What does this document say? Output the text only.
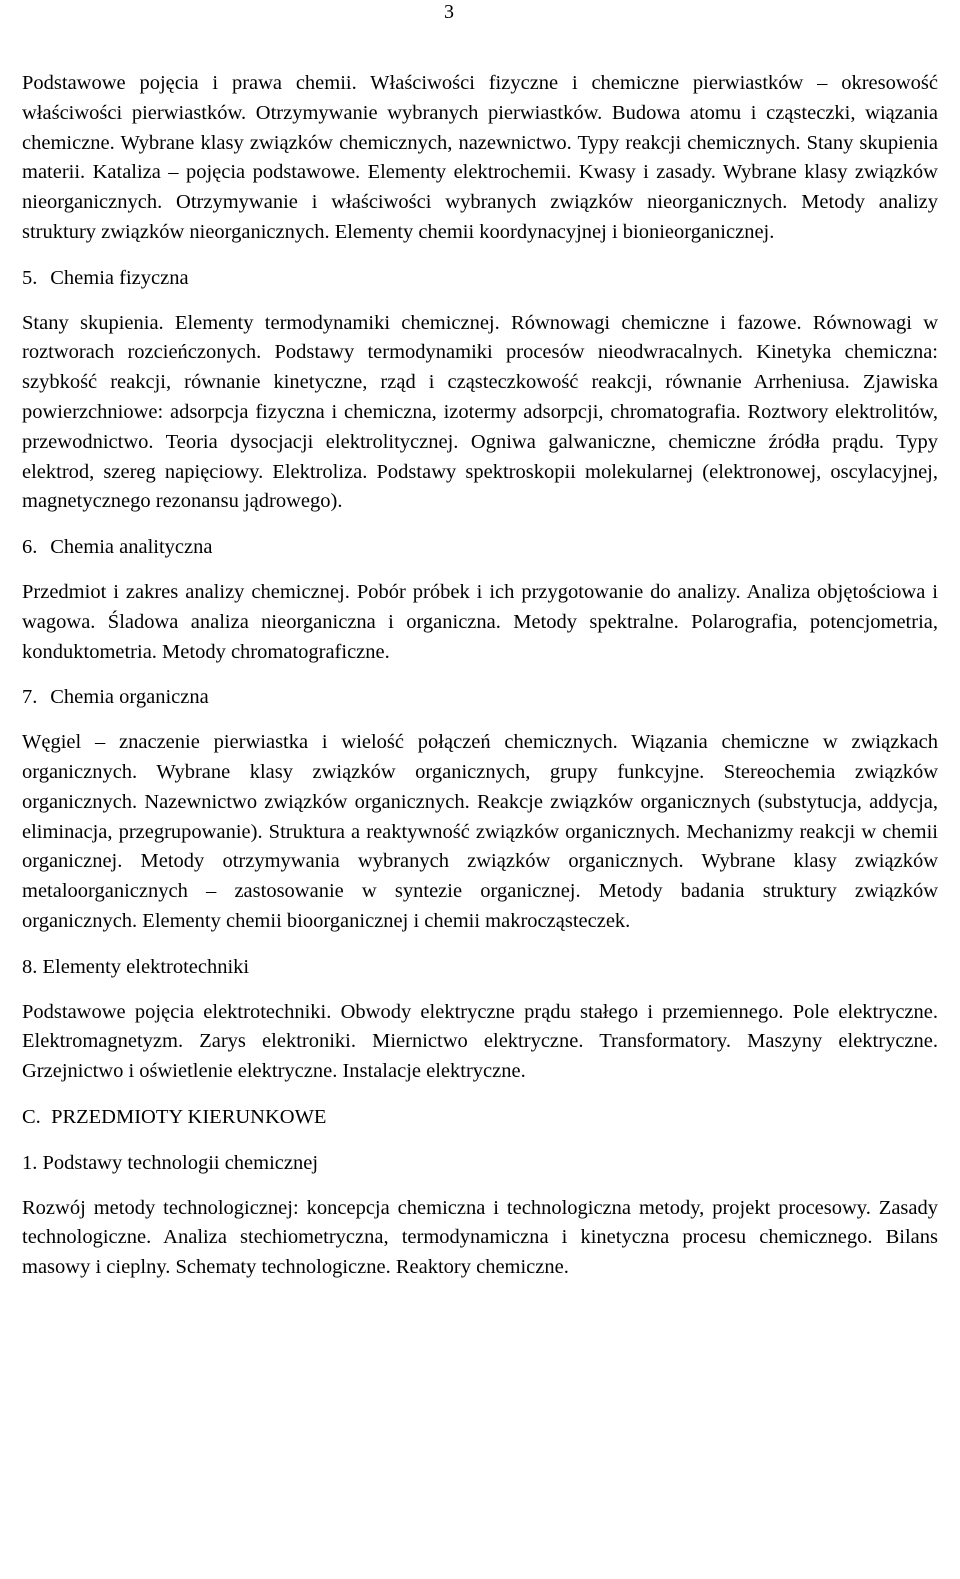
3

Podstawowe pojęcia i prawa chemii. Właściwości fizyczne i chemiczne pierwiastków – okresowość właściwości pierwiastków. Otrzymywanie wybranych pierwiastków. Budowa atomu i cząsteczki, wiązania chemiczne. Wybrane klasy związków chemicznych, nazewnictwo. Typy reakcji chemicznych. Stany skupienia materii. Kataliza – pojęcia podstawowe. Elementy elektrochemii. Kwasy i zasady. Wybrane klasy związków nieorganicznych. Otrzymywanie i właściwości wybranych związków nieorganicznych. Metody analizy struktury związków nieorganicznych. Elementy chemii koordynacyjnej i bionieorganicznej.

5. Chemia fizyczna

Stany skupienia. Elementy termodynamiki chemicznej. Równowagi chemiczne i fazowe. Równowagi w roztworach rozcieńczonych. Podstawy termodynamiki procesów nieodwracalnych. Kinetyka chemiczna: szybkość reakcji, równanie kinetyczne, rząd i cząsteczkowość reakcji, równanie Arrheniusa. Zjawiska powierzchniowe: adsorpcja fizyczna i chemiczna, izotermy adsorpcji, chromatografia. Roztwory elektrolitów, przewodnictwo. Teoria dysocjacji elektrolitycznej. Ogniwa galwaniczne, chemiczne źródła prądu. Typy elektrod, szereg napięciowy. Elektroliza. Podstawy spektroskopii molekularnej (elektronowej, oscylacyjnej, magnetycznego rezonansu jądrowego).

6. Chemia analityczna

Przedmiot i zakres analizy chemicznej. Pobór próbek i ich przygotowanie do analizy. Analiza objętościowa i wagowa. Śladowa analiza nieorganiczna i organiczna. Metody spektralne. Polarografia, potencjometria, konduktometria. Metody chromatograficzne.

7. Chemia organiczna

Węgiel – znaczenie pierwiastka i wielość połączeń chemicznych. Wiązania chemiczne w związkach organicznych. Wybrane klasy związków organicznych, grupy funkcyjne. Stereochemia związków organicznych. Nazewnictwo związków organicznych. Reakcje związków organicznych (substytucja, addycja, eliminacja, przegrupowanie). Struktura a reaktywność związków organicznych. Mechanizmy reakcji w chemii organicznej. Metody otrzymywania wybranych związków organicznych. Wybrane klasy związków metaloorganicznych – zastosowanie w syntezie organicznej. Metody badania struktury związków organicznych. Elementy chemii bioorganicznej i chemii makrocząsteczek.

8. Elementy elektrotechniki

Podstawowe pojęcia elektrotechniki. Obwody elektryczne prądu stałego i przemiennego. Pole elektryczne. Elektromagnetyzm. Zarys elektroniki. Miernictwo elektryczne. Transformatory. Maszyny elektryczne. Grzejnictwo i oświetlenie elektryczne. Instalacje elektryczne.

C. PRZEDMIOTY KIERUNKOWE

1. Podstawy technologii chemicznej

Rozwój metody technologicznej: koncepcja chemiczna i technologiczna metody, projekt procesowy. Zasady technologiczne. Analiza stechiometryczna, termodynamiczna i kinetyczna procesu chemicznego. Bilans masowy i cieplny. Schematy technologiczne. Reaktory chemiczne.
